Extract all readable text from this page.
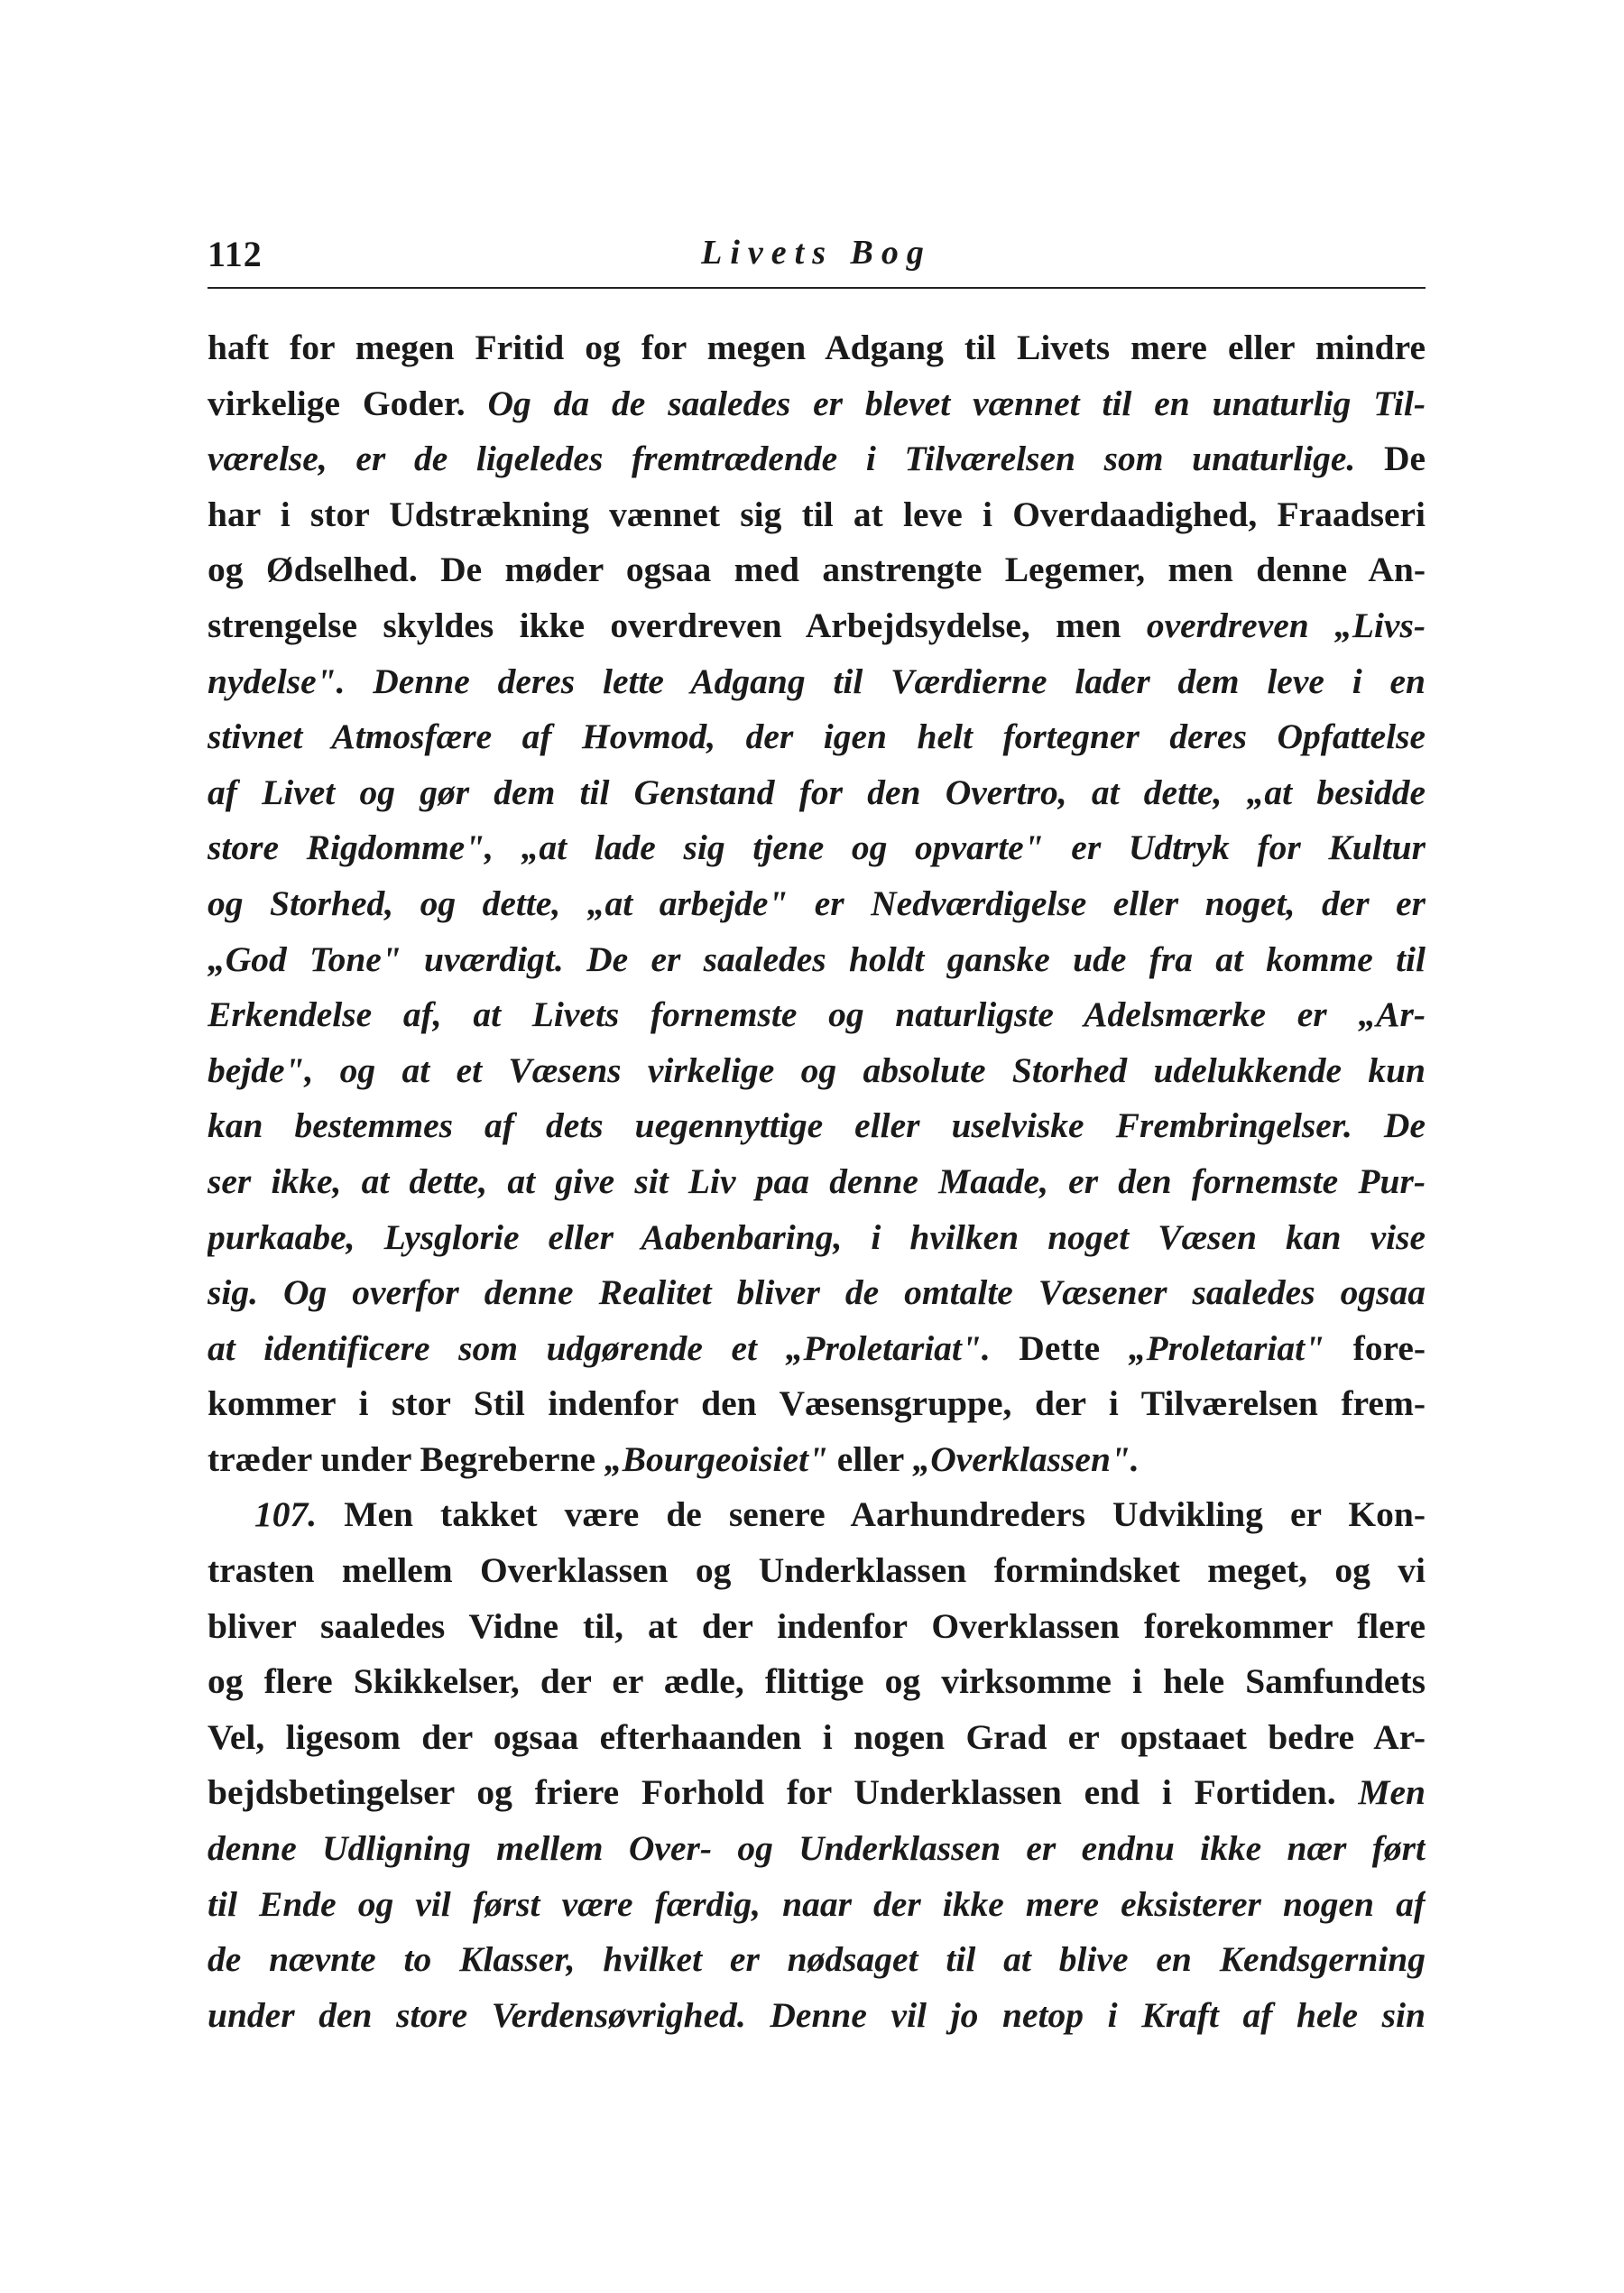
112	Livets Bog
haft for megen Fritid og for megen Adgang til Livets mere eller mindre
virkelige Goder. Og da de saaledes er blevet vænnet til en unaturlig Til-
værelse, er de ligeledes fremtrædende i Tilværelsen som unaturlige. De
har i stor Udstrækning vænnet sig til at leve i Overdaadighed, Fraadseri
og Ødselhed. De møder ogsaa med anstrengte Legemer, men denne An-
strengelse skyldes ikke overdreven Arbejdsydelse, men overdreven „Livs-
nydelse". Denne deres lette Adgang til Værdierne lader dem leve i en
stivnet Atmosfære af Hovmod, der igen helt fortegner deres Opfattelse
af Livet og gør dem til Genstand for den Overtro, at dette, „at besidde
store Rigdomme", „at lade sig tjene og opvarte" er Udtryk for Kultur
og Storhed, og dette, „at arbejde" er Nedværdigelse eller noget, der er
„God Tone" uværdigt. De er saaledes holdt ganske ude fra at komme til
Erkendelse af, at Livets fornemste og naturligste Adelsmærke er „Ar-
bejde", og at et Væsens virkelige og absolute Storhed udelukkende kun
kan bestemmes af dets uegennyttige eller uselviske Frembringelser. De
ser ikke, at dette, at give sit Liv paa denne Maade, er den fornemste Pur-
purkaabe, Lysglorie eller Aabenbaring, i hvilken noget Væsen kan vise
sig. Og overfor denne Realitet bliver de omtalte Væsener saaledes ogsaa
at identificere som udgørende et „Proletariat". Dette „Proletariat" fore-
kommer i stor Stil indenfor den Væsensgruppe, der i Tilværelsen frem-
træder under Begreberne „Bourgeoisiet" eller „Overklassen".
107. Men takket være de senere Aarhundreders Udvikling er Kon-
trasten mellem Overklassen og Underklassen formindsket meget, og vi
bliver saaledes Vidne til, at der indenfor Overklassen forekommer flere
og flere Skikkelser, der er ædle, flittige og virksomme i hele Samfundets
Vel, ligesom der ogsaa efterhaanden i nogen Grad er opstaaet bedre Ar-
bejdsbetingelser og friere Forhold for Underklassen end i Fortiden. Men
denne Udligning mellem Over- og Underklassen er endnu ikke nær ført
til Ende og vil først være færdig, naar der ikke mere eksisterer nogen af
de nævnte to Klasser, hvilket er nødsaget til at blive en Kendsgerning
under den store Verdensøvrighed. Denne vil jo netop i Kraft af hele sin
